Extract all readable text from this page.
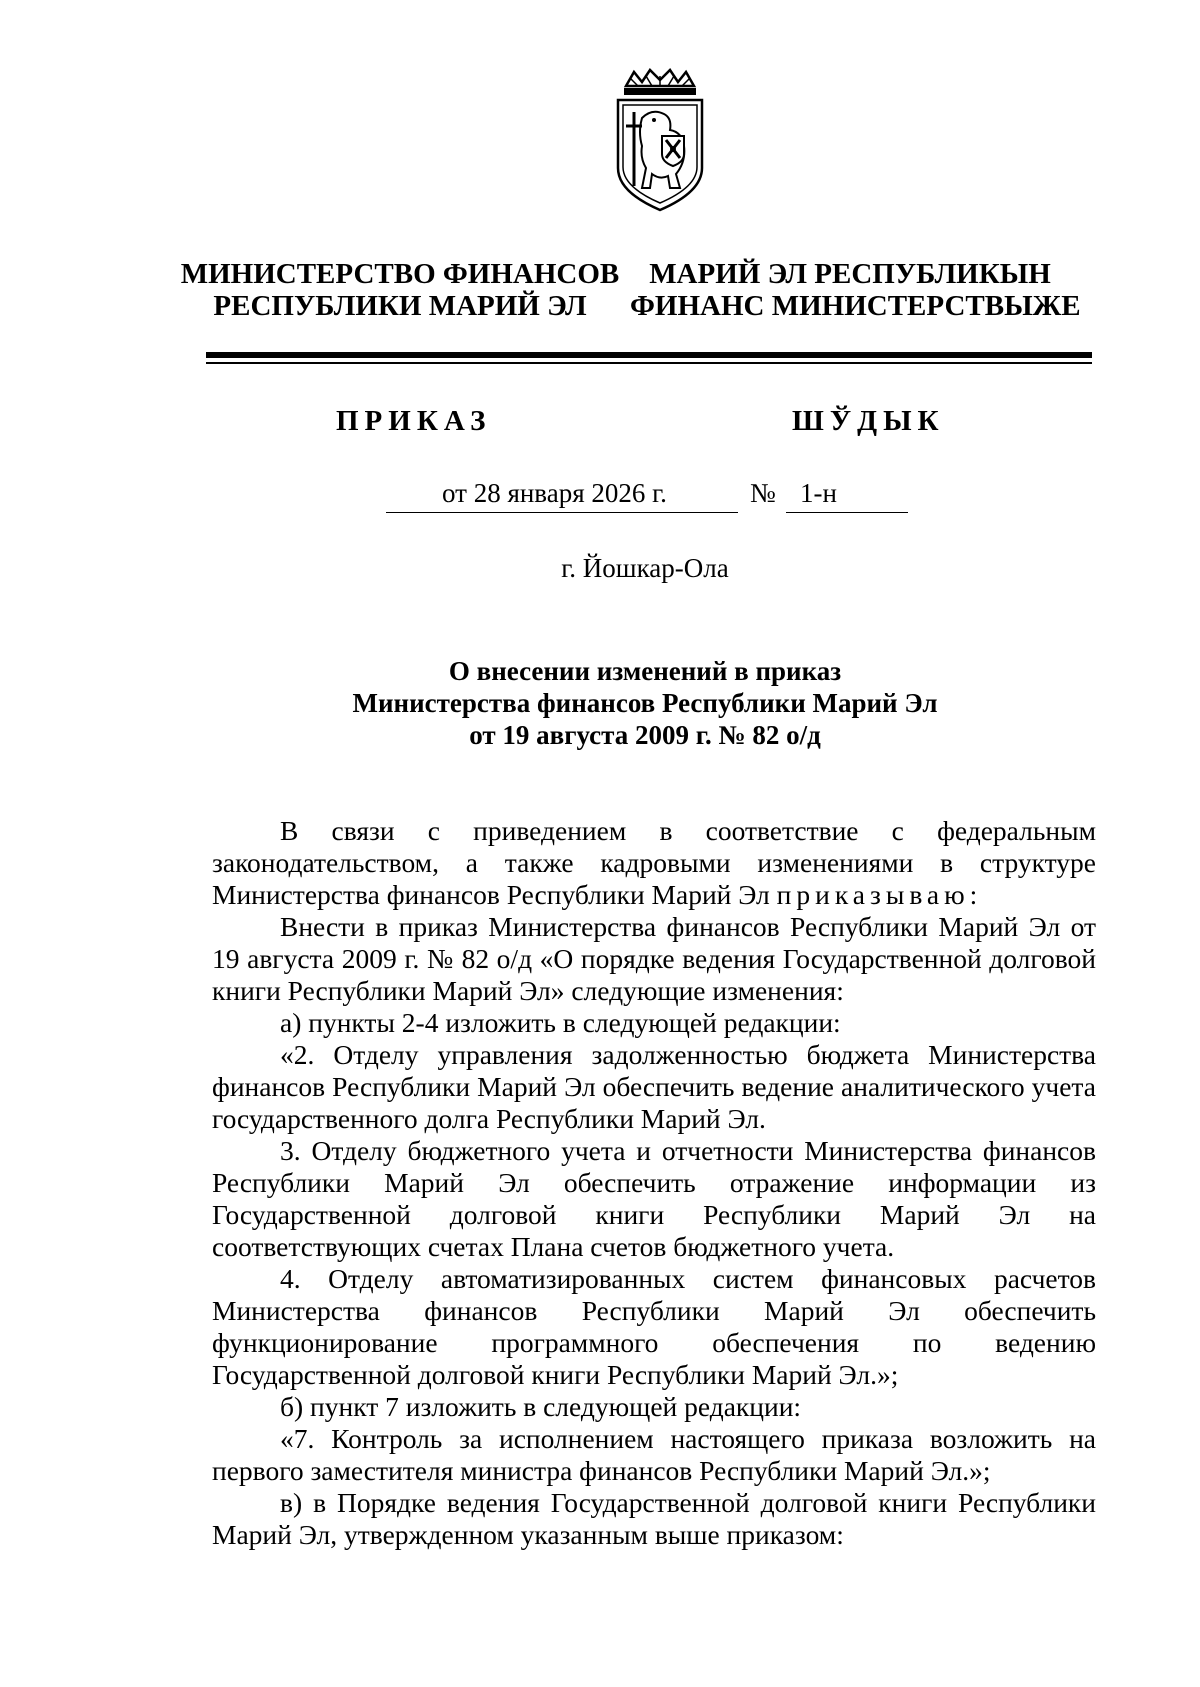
МИНИСТЕРСТВО ФИНАНСОВ
РЕСПУБЛИКИ МАРИЙ ЭЛ
МАРИЙ ЭЛ РЕСПУБЛИКЫН
ФИНАНС МИНИСТЕРСТВЫЖЕ
ПРИКАЗ	ШЎДЫК
от 28 января 2026 г.	№ 1-н
г. Йошкар-Ола
О внесении изменений в приказ
Министерства финансов Республики Марий Эл
от 19 августа 2009 г. № 82 о/д

В связи с приведением в соответствие с федеральным законодательством, а также кадровыми изменениями в структуре Министерства финансов Республики Марий Эл приказываю:

Внести в приказ Министерства финансов Республики Марий Эл от 19 августа 2009 г. № 82 о/д «О порядке ведения Государственной долговой книги Республики Марий Эл» следующие изменения:

а) пункты 2-4 изложить в следующей редакции:

«2. Отделу управления задолженностью бюджета Министерства финансов Республики Марий Эл обеспечить ведение аналитического учета государственного долга Республики Марий Эл.

3. Отделу бюджетного учета и отчетности Министерства финансов Республики Марий Эл обеспечить отражение информации из Государственной долговой книги Республики Марий Эл на соответствующих счетах Плана счетов бюджетного учета.

4. Отделу автоматизированных систем финансовых расчетов Министерства финансов Республики Марий Эл обеспечить функционирование программного обеспечения по ведению Государственной долговой книги Республики Марий Эл.»;

б) пункт 7 изложить в следующей редакции:

«7. Контроль за исполнением настоящего приказа возложить на первого заместителя министра финансов Республики Марий Эл.»;

в) в Порядке ведения Государственной долговой книги Республики Марий Эл, утвержденном указанным выше приказом:
